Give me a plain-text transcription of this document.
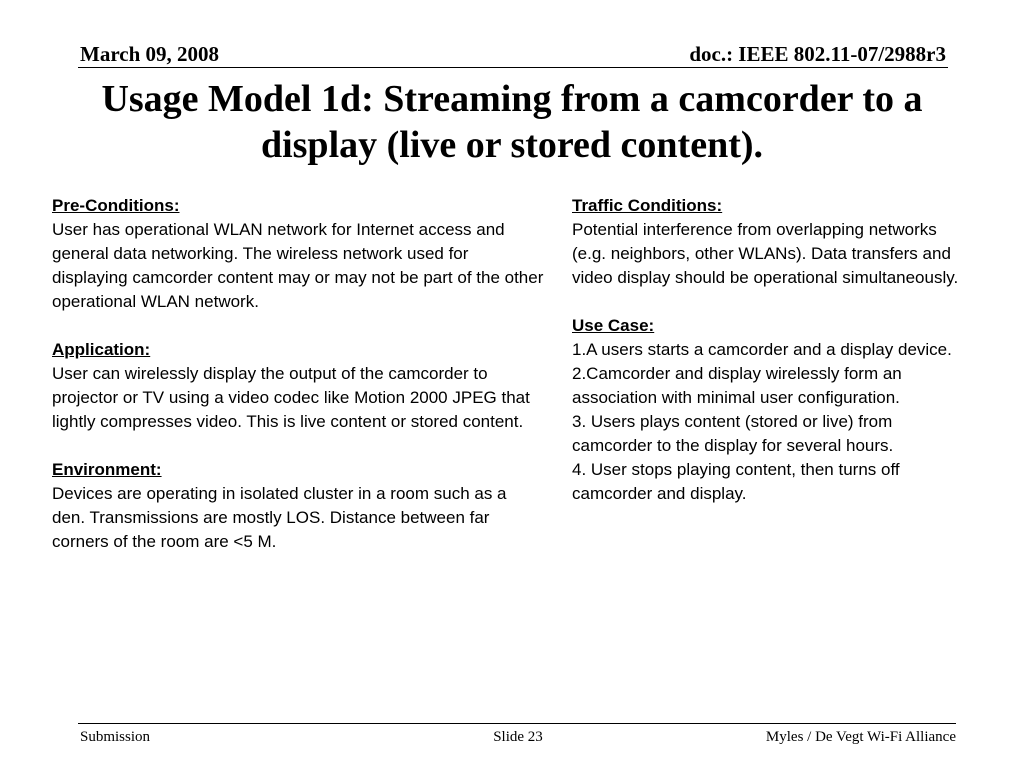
March 09, 2008	doc.: IEEE 802.11-07/2988r3
Usage Model 1d: Streaming from a camcorder to a display (live or stored content).
Pre-Conditions:
User has operational WLAN network for Internet access and general data networking. The wireless network used for displaying camcorder content may or may not be part of the other operational WLAN network.
Application:
User can wirelessly display the output of the camcorder to projector or TV using a video codec like Motion 2000 JPEG that lightly compresses video. This is live content or stored content.
Environment:
Devices are operating in isolated cluster in a room such as a den. Transmissions are mostly LOS. Distance between far corners of the room are <5 M.
Traffic Conditions:
Potential interference from overlapping networks (e.g. neighbors, other WLANs). Data transfers and video display should be operational simultaneously.
Use Case:
1.A users starts a camcorder and a display device.
2.Camcorder and display wirelessly form an association with minimal user configuration.
3. Users plays content (stored or live) from camcorder to the display for several hours.
4. User stops playing content, then turns off camcorder and display.
Submission	Slide 23	Myles / De Vegt Wi-Fi Alliance
